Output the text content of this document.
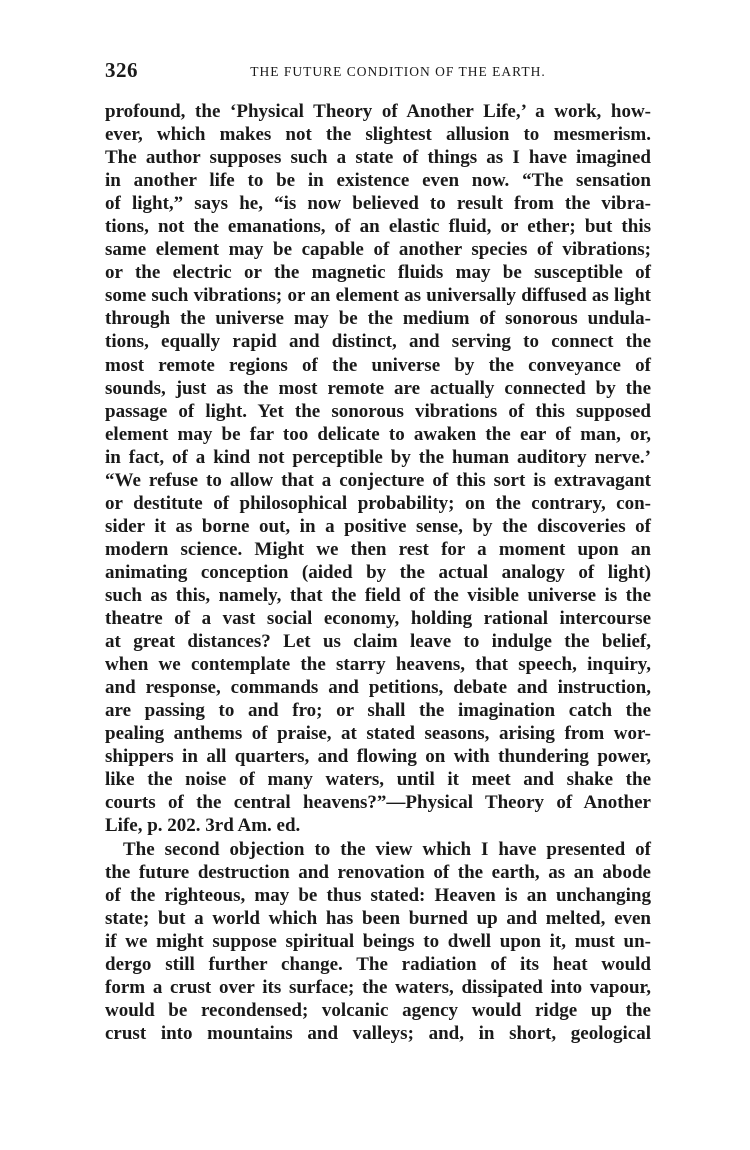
326	THE FUTURE CONDITION OF THE EARTH.
profound, the ‘Physical Theory of Another Life,’ a work, how-
ever, which makes not the slightest allusion to mesmerism.
The author supposes such a state of things as I have imagined
in another life to be in existence even now. “The sensation
of light,” says he, “is now believed to result from the vibra-
tions, not the emanations, of an elastic fluid, or ether; but this
same element may be capable of another species of vibrations;
or the electric or the magnetic fluids may be susceptible of
some such vibrations; or an element as universally diffused as light
through the universe may be the medium of sonorous undula-
tions, equally rapid and distinct, and serving to connect the
most remote regions of the universe by the conveyance of
sounds, just as the most remote are actually connected by the
passage of light. Yet the sonorous vibrations of this supposed
element may be far too delicate to awaken the ear of man, or,
in fact, of a kind not perceptible by the human auditory nerve.’
“We refuse to allow that a conjecture of this sort is extravagant
or destitute of philosophical probability; on the contrary, con-
sider it as borne out, in a positive sense, by the discoveries of
modern science. Might we then rest for a moment upon an
animating conception (aided by the actual analogy of light)
such as this, namely, that the field of the visible universe is the
theatre of a vast social economy, holding rational intercourse
at great distances? Let us claim leave to indulge the belief,
when we contemplate the starry heavens, that speech, inquiry,
and response, commands and petitions, debate and instruction,
are passing to and fro; or shall the imagination catch the
pealing anthems of praise, at stated seasons, arising from wor-
shippers in all quarters, and flowing on with thundering power,
like the noise of many waters, until it meet and shake the
courts of the central heavens?”—Physical Theory of Another
Life, p. 202. 3rd Am. ed.
The second objection to the view which I have presented of
the future destruction and renovation of the earth, as an abode
of the righteous, may be thus stated: Heaven is an unchanging
state; but a world which has been burned up and melted, even
if we might suppose spiritual beings to dwell upon it, must un-
dergo still further change. The radiation of its heat would
form a crust over its surface; the waters, dissipated into vapour,
would be recondensed; volcanic agency would ridge up the
crust into mountains and valleys; and, in short, geological
